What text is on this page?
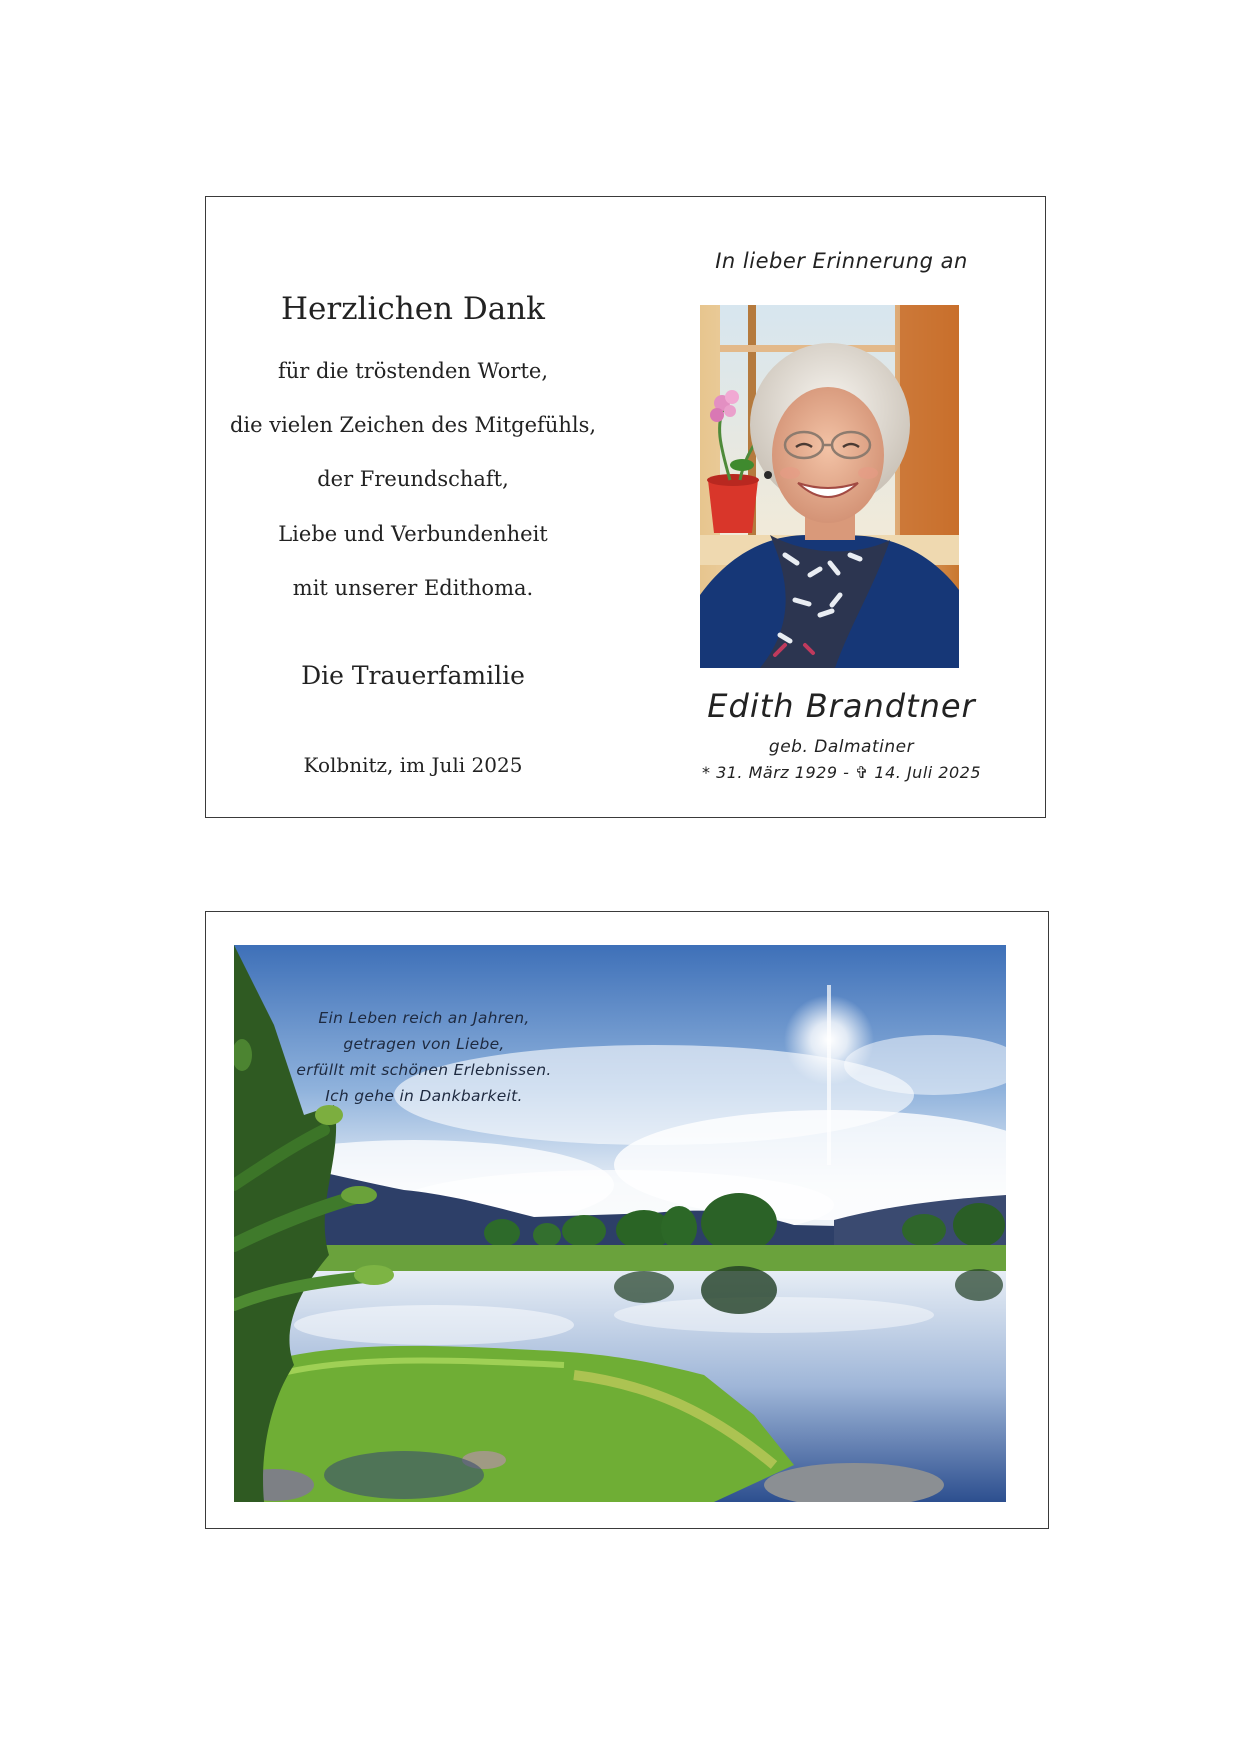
Herzlichen Dank
für die tröstenden Worte,
die vielen Zeichen des Mitgefühls,
der Freundschaft,
Liebe und Verbundenheit
mit unserer Edithoma.
Die Trauerfamilie
Kolbnitz, im Juli 2025
In lieber Erinnerung an
Edith Brandtner
geb. Dalmatiner
* 31. März 1929 - ✞ 14. Juli 2025
Ein Leben reich an Jahren,
getragen von Liebe,
erfüllt mit schönen Erlebnissen.
Ich gehe in Dankbarkeit.
